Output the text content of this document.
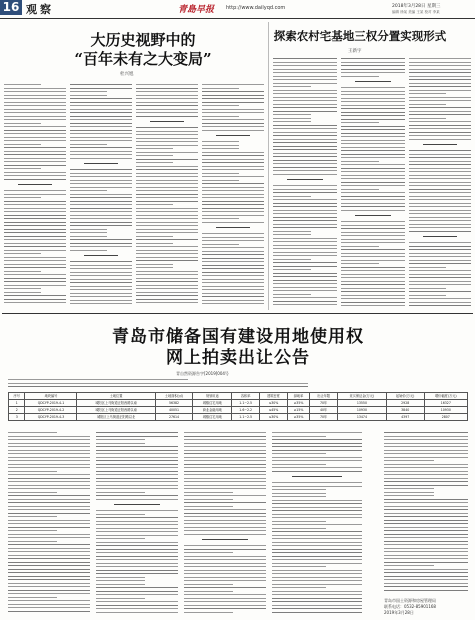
16 观察	青島早报 http://www.dailyqd.com	2018年3月28日 星期三
编辑 徐某 美编 王某 校对 李某
大历史视野中的
“百年未有之大变局”
杜兴旭
探索农村宅基地三权分置实现形式
王新宇
青岛市储备国有建设用地使用权
网上拍卖出让公告
青自然资源告字[2019]004号
序号	地块编号	土地位置	土地面积(㎡)	规划用途	容积率	建筑密度	绿地率	出让年限	竞买保证金(万元)	起始价(万元)	增价幅度(万元)
1	QDCYP-2019-4-1	城阳区上马街道正阳西路以南	56382	城镇住宅用地	1.1~2.5	≤30%	≥35%	70年	13550	2928	16327
2	QDCYP-2019-4-2	城阳区上马街道正阳西路以南	40051	商业金融用地	1.6~2.2	≤45%	≥15%	40年	10930	3840	10930
3	QDCYP-2019-4-3	城阳区上马街道正阳路以北	27614	城镇住宅用地	1.1~2.5	≤30%	≥35%	70年	13474	4397	2807
青岛市国土资源和房屋管理局
联系电话：0532-85901168
2019年3月28日
